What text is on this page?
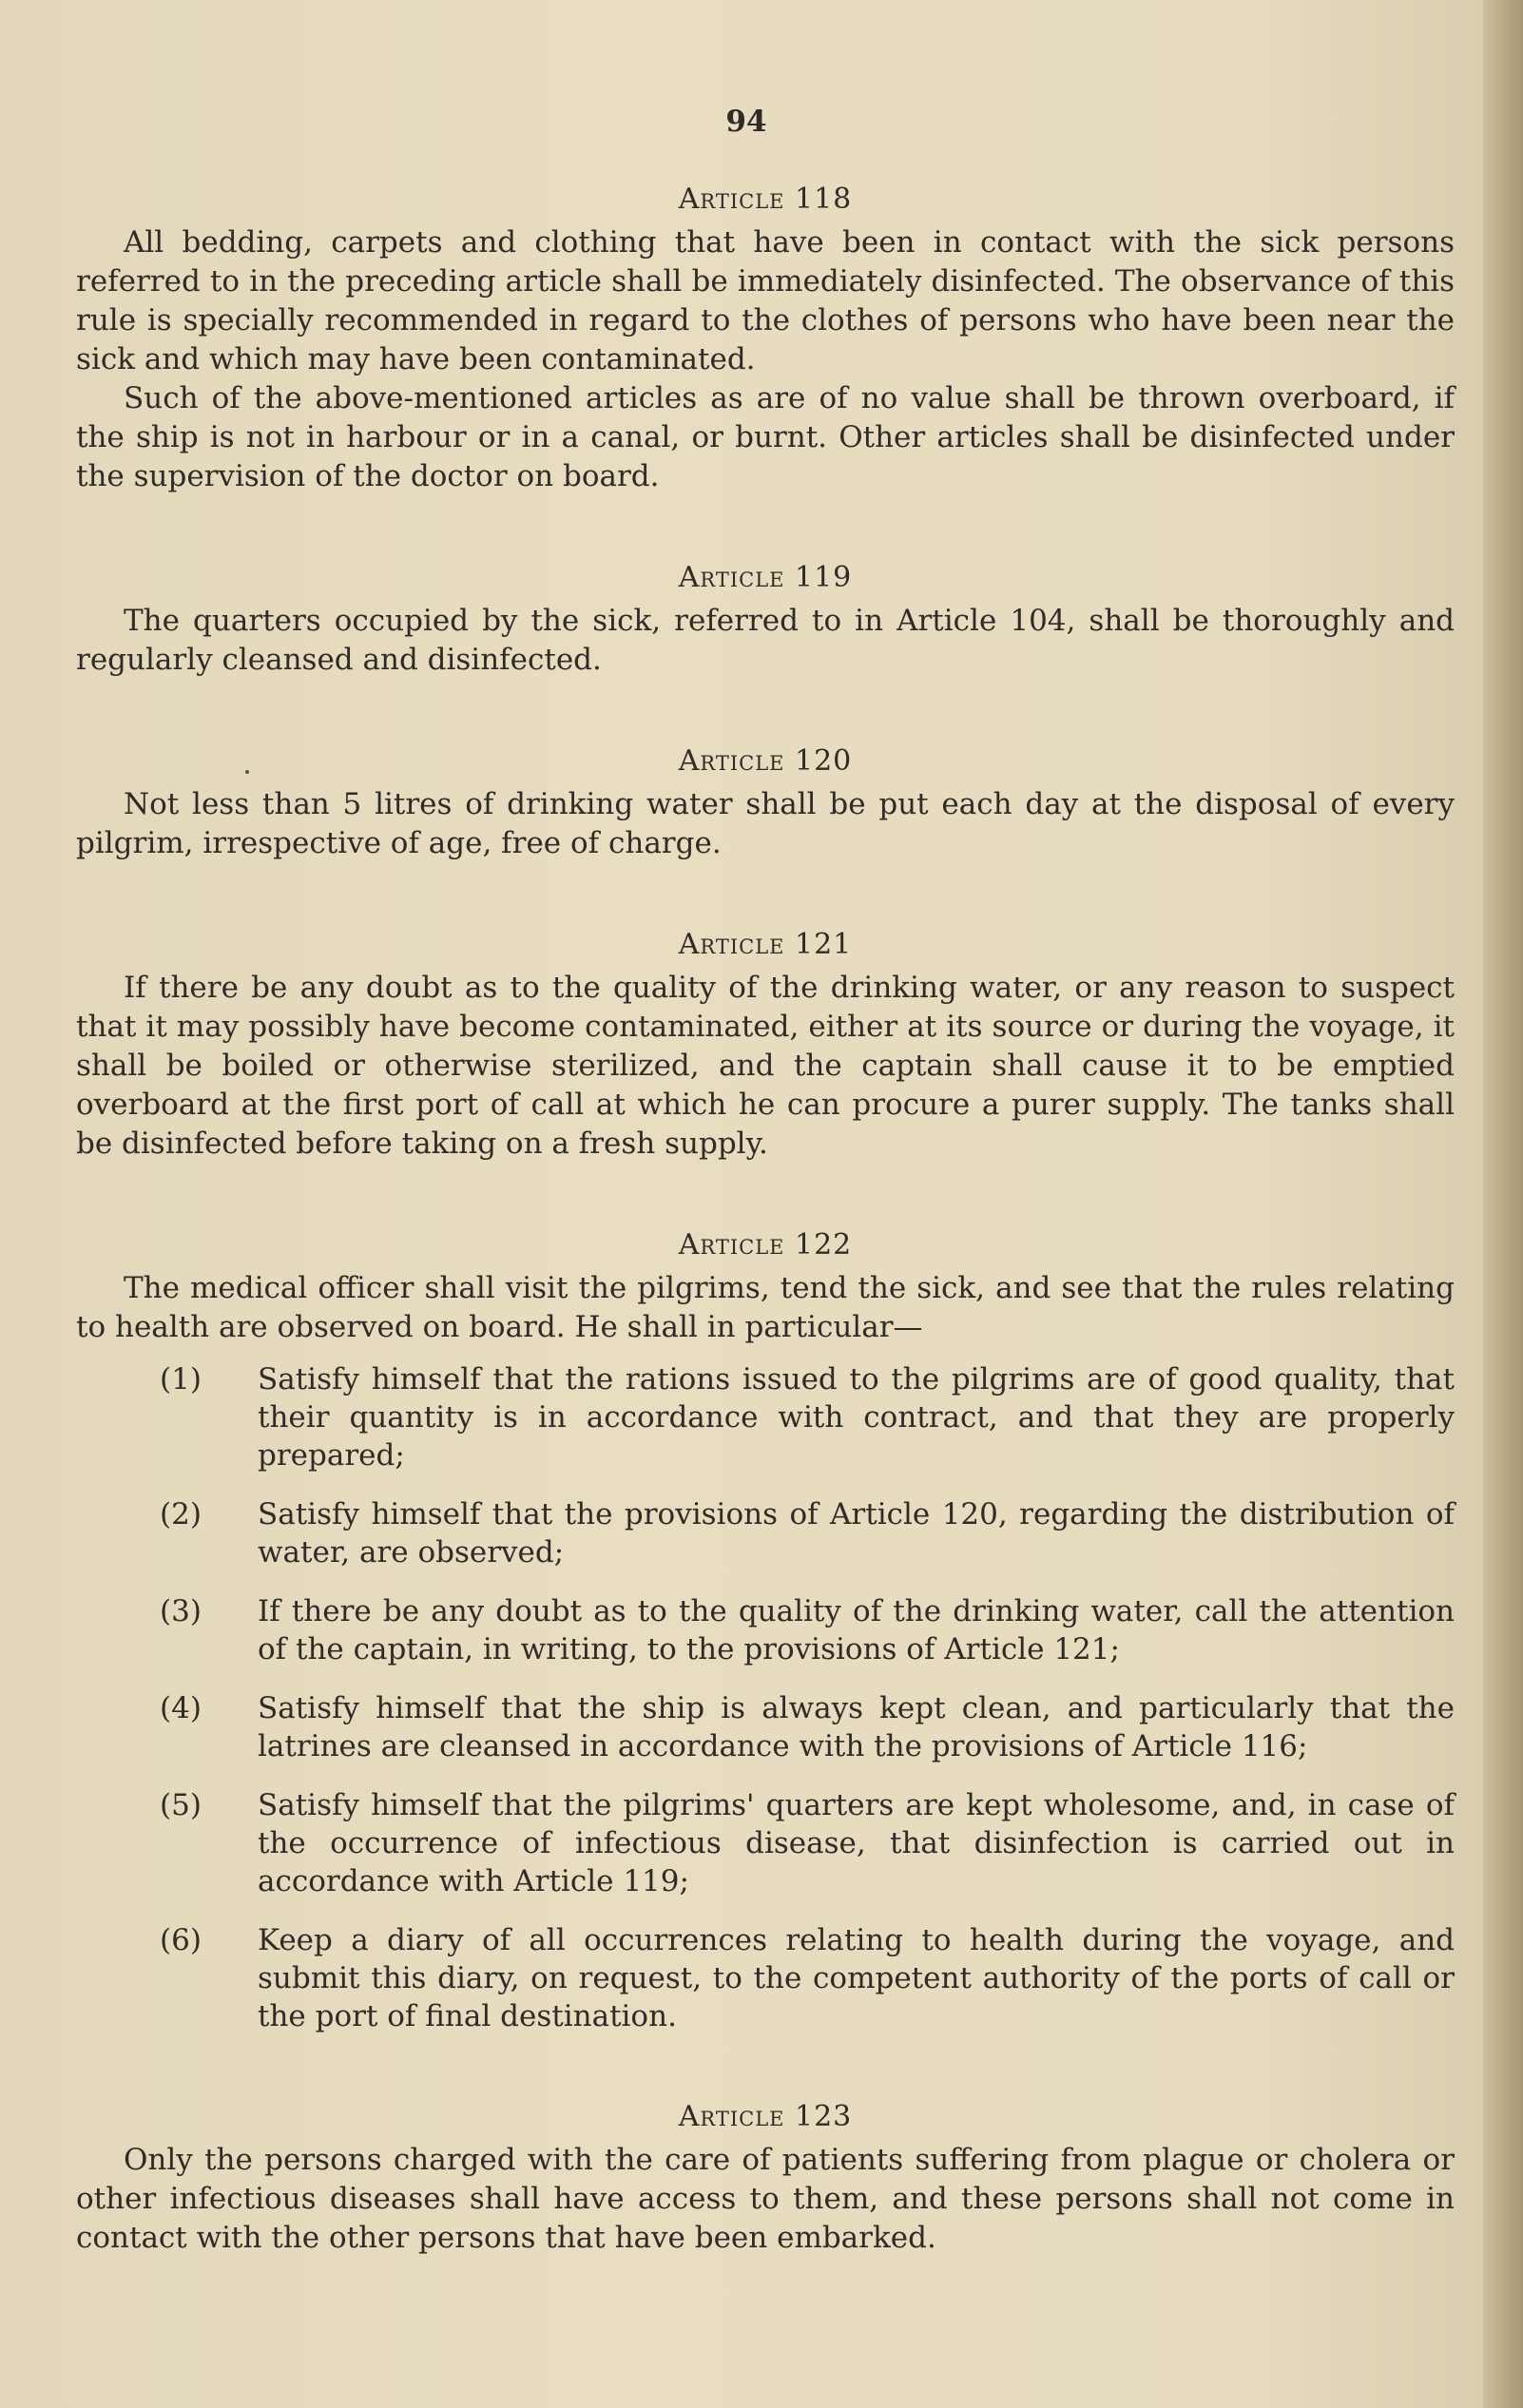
94
Article 118
All bedding, carpets and clothing that have been in contact with the sick persons referred to in the preceding article shall be immediately disinfected. The observance of this rule is specially recommended in regard to the clothes of persons who have been near the sick and which may have been contaminated.
Such of the above-mentioned articles as are of no value shall be thrown overboard, if the ship is not in harbour or in a canal, or burnt. Other articles shall be disinfected under the supervision of the doctor on board.
Article 119
The quarters occupied by the sick, referred to in Article 104, shall be thoroughly and regularly cleansed and disinfected.
Article 120
Not less than 5 litres of drinking water shall be put each day at the disposal of every pilgrim, irrespective of age, free of charge.
Article 121
If there be any doubt as to the quality of the drinking water, or any reason to suspect that it may possibly have become contaminated, either at its source or during the voyage, it shall be boiled or otherwise sterilized, and the captain shall cause it to be emptied overboard at the first port of call at which he can procure a purer supply. The tanks shall be disinfected before taking on a fresh supply.
Article 122
The medical officer shall visit the pilgrims, tend the sick, and see that the rules relating to health are observed on board. He shall in particular—
(1)	Satisfy himself that the rations issued to the pilgrims are of good quality, that their quantity is in accordance with contract, and that they are properly prepared;
(2)	Satisfy himself that the provisions of Article 120, regarding the distribution of water, are observed;
(3)	If there be any doubt as to the quality of the drinking water, call the attention of the captain, in writing, to the provisions of Article 121;
(4)	Satisfy himself that the ship is always kept clean, and particularly that the latrines are cleansed in accordance with the provisions of Article 116;
(5)	Satisfy himself that the pilgrims' quarters are kept wholesome, and, in case of the occurrence of infectious disease, that disinfection is carried out in accordance with Article 119;
(6)	Keep a diary of all occurrences relating to health during the voyage, and submit this diary, on request, to the competent authority of the ports of call or the port of final destination.
Article 123
Only the persons charged with the care of patients suffering from plague or cholera or other infectious diseases shall have access to them, and these persons shall not come in contact with the other persons that have been embarked.
